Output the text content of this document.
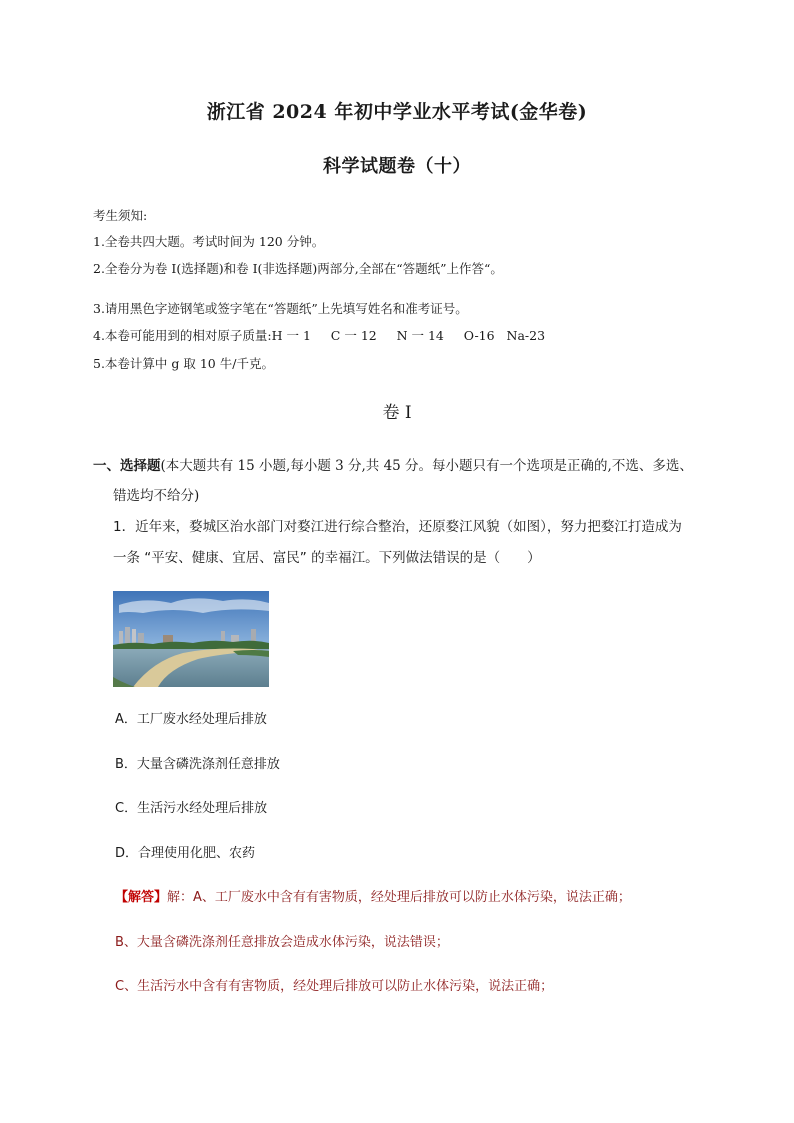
浙江省 2024 年初中学业水平考试(金华卷)
科学试题卷（十）
考生须知:
1.全卷共四大题。考试时间为 120 分钟。
2.全卷分为卷 I(选择题)和卷 I(非选择题)两部分,全部在“答题纸”上作答“。
3.请用黑色字迹钢笔或签字笔在“答题纸”上先填写姓名和准考证号。
4.本卷可能用到的相对原子质量:H 一 1     C 一 12     N 一 14     O-16   Na-23
5.本卷计算中 g 取 10 牛/千克。
卷 I
一、选择题(本大题共有 15 小题,每小题 3 分,共 45 分。每小题只有一个选项是正确的,不选、多选、
错选均不给分)
1．近年来，婺城区治水部门对婺江进行综合整治，还原婺江风貌（如图），努力把婺江打造成为
一条 “平安、健康、宜居、富民” 的幸福江。下列做法错误的是（　　）
A．工厂废水经处理后排放
B．大量含磷洗涤剂任意排放
C．生活污水经处理后排放
D．合理使用化肥、农药
【解答】解：A、工厂废水中含有有害物质，经处理后排放可以防止水体污染，说法正确；
B、大量含磷洗涤剂任意排放会造成水体污染，说法错误；
C、生活污水中含有有害物质，经处理后排放可以防止水体污染，说法正确；
